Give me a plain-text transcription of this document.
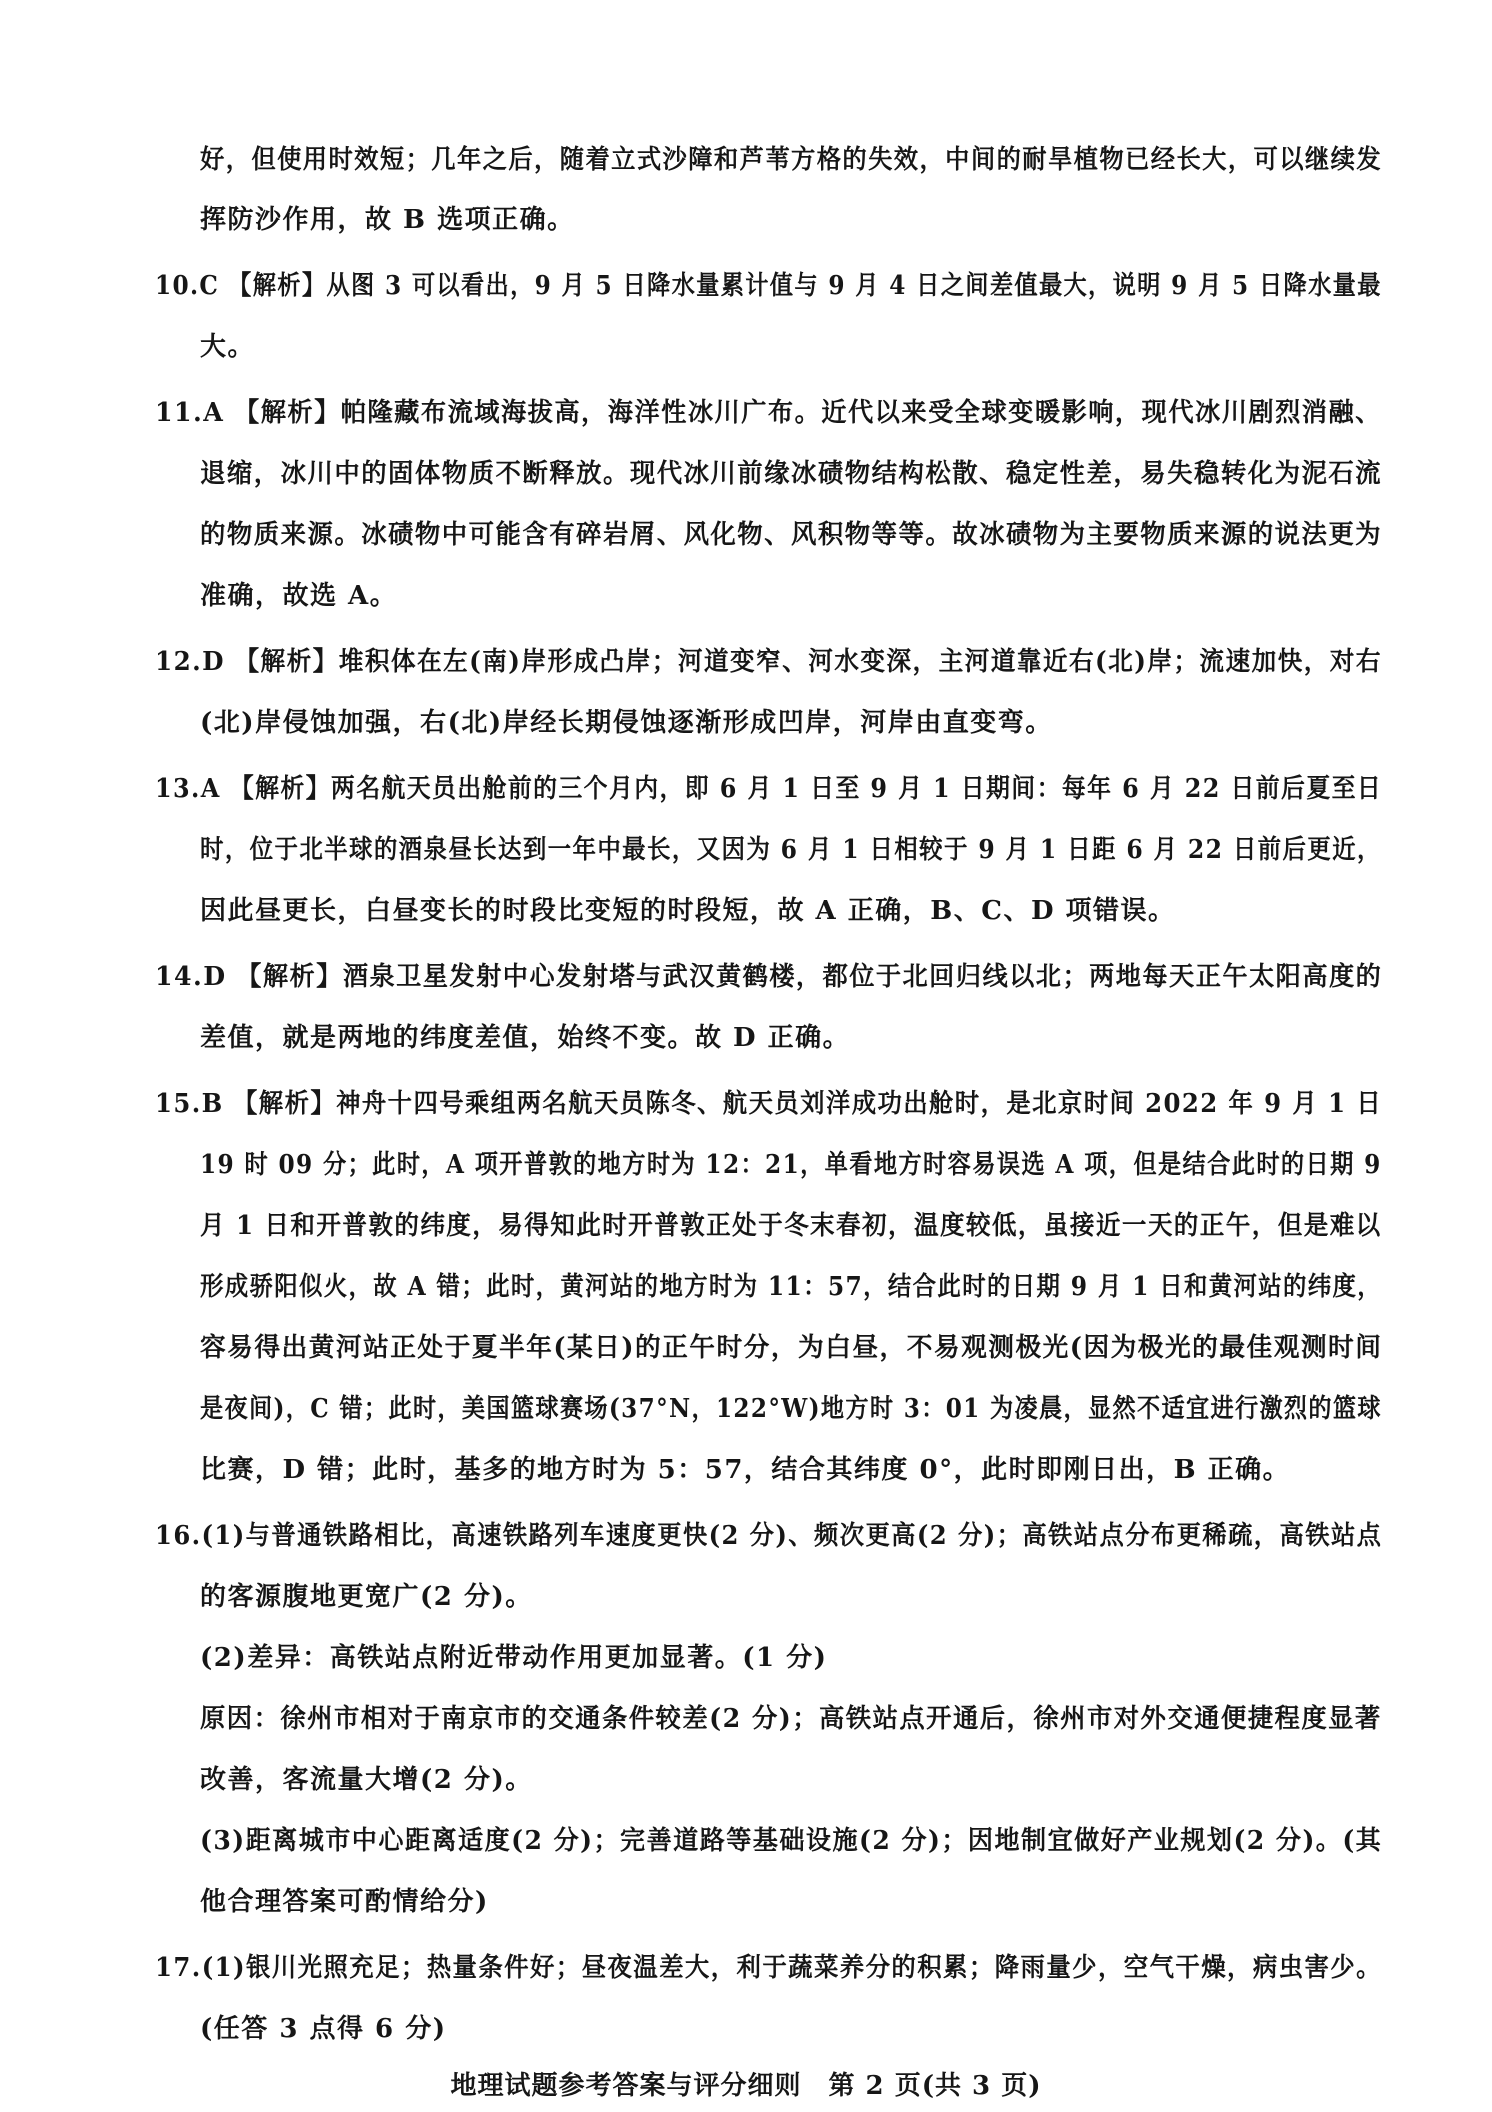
好，但使用时效短；几年之后，随着立式沙障和芦苇方格的失效，中间的耐旱植物已经长大，可以继续发

挥防沙作用，故 B 选项正确。

10.C 【解析】从图 3 可以看出，9 月 5 日降水量累计值与 9 月 4 日之间差值最大，说明 9 月 5 日降水量最

大。

11.A 【解析】帕隆藏布流域海拔高，海洋性冰川广布。近代以来受全球变暖影响，现代冰川剧烈消融、

退缩，冰川中的固体物质不断释放。现代冰川前缘冰碛物结构松散、稳定性差，易失稳转化为泥石流

的物质来源。冰碛物中可能含有碎岩屑、风化物、风积物等等。故冰碛物为主要物质来源的说法更为

准确，故选 A。

12.D 【解析】堆积体在左(南)岸形成凸岸；河道变窄、河水变深，主河道靠近右(北)岸；流速加快，对右

(北)岸侵蚀加强，右(北)岸经长期侵蚀逐渐形成凹岸，河岸由直变弯。

13.A 【解析】两名航天员出舱前的三个月内，即 6 月 1 日至 9 月 1 日期间：每年 6 月 22 日前后夏至日

时，位于北半球的酒泉昼长达到一年中最长，又因为 6 月 1 日相较于 9 月 1 日距 6 月 22 日前后更近，

因此昼更长，白昼变长的时段比变短的时段短，故 A 正确，B、C、D 项错误。

14.D 【解析】酒泉卫星发射中心发射塔与武汉黄鹤楼，都位于北回归线以北；两地每天正午太阳高度的

差值，就是两地的纬度差值，始终不变。故 D 正确。

15.B 【解析】神舟十四号乘组两名航天员陈冬、航天员刘洋成功出舱时，是北京时间 2022 年 9 月 1 日

19 时 09 分；此时，A 项开普敦的地方时为 12：21，单看地方时容易误选 A 项，但是结合此时的日期 9

月 1 日和开普敦的纬度，易得知此时开普敦正处于冬末春初，温度较低，虽接近一天的正午，但是难以

形成骄阳似火，故 A 错；此时，黄河站的地方时为 11：57，结合此时的日期 9 月 1 日和黄河站的纬度，

容易得出黄河站正处于夏半年(某日)的正午时分，为白昼，不易观测极光(因为极光的最佳观测时间

是夜间)，C 错；此时，美国篮球赛场(37°N，122°W)地方时 3：01 为凌晨，显然不适宜进行激烈的篮球

比赛，D 错；此时，基多的地方时为 5：57，结合其纬度 0°，此时即刚日出，B 正确。

16.(1)与普通铁路相比，高速铁路列车速度更快(2 分)、频次更高(2 分)；高铁站点分布更稀疏，高铁站点

的客源腹地更宽广(2 分)。

(2)差异：高铁站点附近带动作用更加显著。(1 分)

原因：徐州市相对于南京市的交通条件较差(2 分)；高铁站点开通后，徐州市对外交通便捷程度显著

改善，客流量大增(2 分)。

(3)距离城市中心距离适度(2 分)；完善道路等基础设施(2 分)；因地制宜做好产业规划(2 分)。(其

他合理答案可酌情给分)

17.(1)银川光照充足；热量条件好；昼夜温差大，利于蔬菜养分的积累；降雨量少，空气干燥，病虫害少。

(任答 3 点得 6 分)

地理试题参考答案与评分细则　第 2 页(共 3 页)
